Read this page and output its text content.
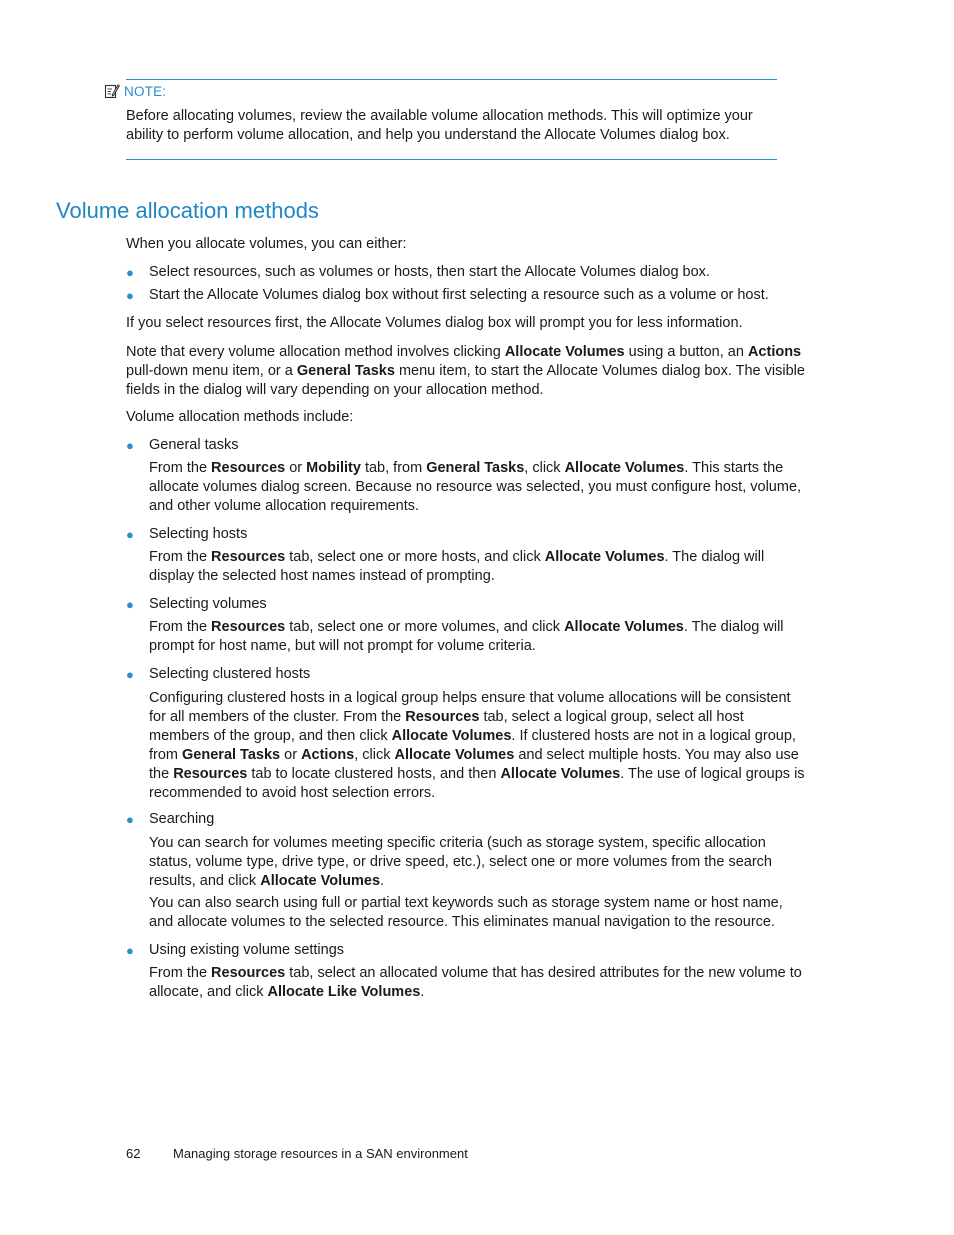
NOTE:
Before allocating volumes, review the available volume allocation methods. This will optimize your ability to perform volume allocation, and help you understand the Allocate Volumes dialog box.
Volume allocation methods

When you allocate volumes, you can either:

●	Select resources, such as volumes or hosts, then start the Allocate Volumes dialog box.
●	Start the Allocate Volumes dialog box without first selecting a resource such as a volume or host.

If you select resources first, the Allocate Volumes dialog box will prompt you for less information.

Note that every volume allocation method involves clicking Allocate Volumes using a button, an Actions pull-down menu item, or a General Tasks menu item, to start the Allocate Volumes dialog box. The visible fields in the dialog will vary depending on your allocation method.

Volume allocation methods include:

●	General tasks

From the Resources or Mobility tab, from General Tasks, click Allocate Volumes. This starts the allocate volumes dialog screen. Because no resource was selected, you must configure host, volume, and other volume allocation requirements.

●	Selecting hosts

From the Resources tab, select one or more hosts, and click Allocate Volumes. The dialog will display the selected host names instead of prompting.

●	Selecting volumes

From the Resources tab, select one or more volumes, and click Allocate Volumes. The dialog will prompt for host name, but will not prompt for volume criteria.

●	Selecting clustered hosts

Configuring clustered hosts in a logical group helps ensure that volume allocations will be consistent for all members of the cluster. From the Resources tab, select a logical group, select all host members of the group, and then click Allocate Volumes. If clustered hosts are not in a logical group, from General Tasks or Actions, click Allocate Volumes and select multiple hosts. You may also use the Resources tab to locate clustered hosts, and then Allocate Volumes. The use of logical groups is recommended to avoid host selection errors.

●	Searching

You can search for volumes meeting specific criteria (such as storage system, specific allocation status, volume type, drive type, or drive speed, etc.), select one or more volumes from the search results, and click Allocate Volumes.

You can also search using full or partial text keywords such as storage system name or host name, and allocate volumes to the selected resource. This eliminates manual navigation to the resource.

●	Using existing volume settings

From the Resources tab, select an allocated volume that has desired attributes for the new volume to allocate, and click Allocate Like Volumes.

62	Managing storage resources in a SAN environment
